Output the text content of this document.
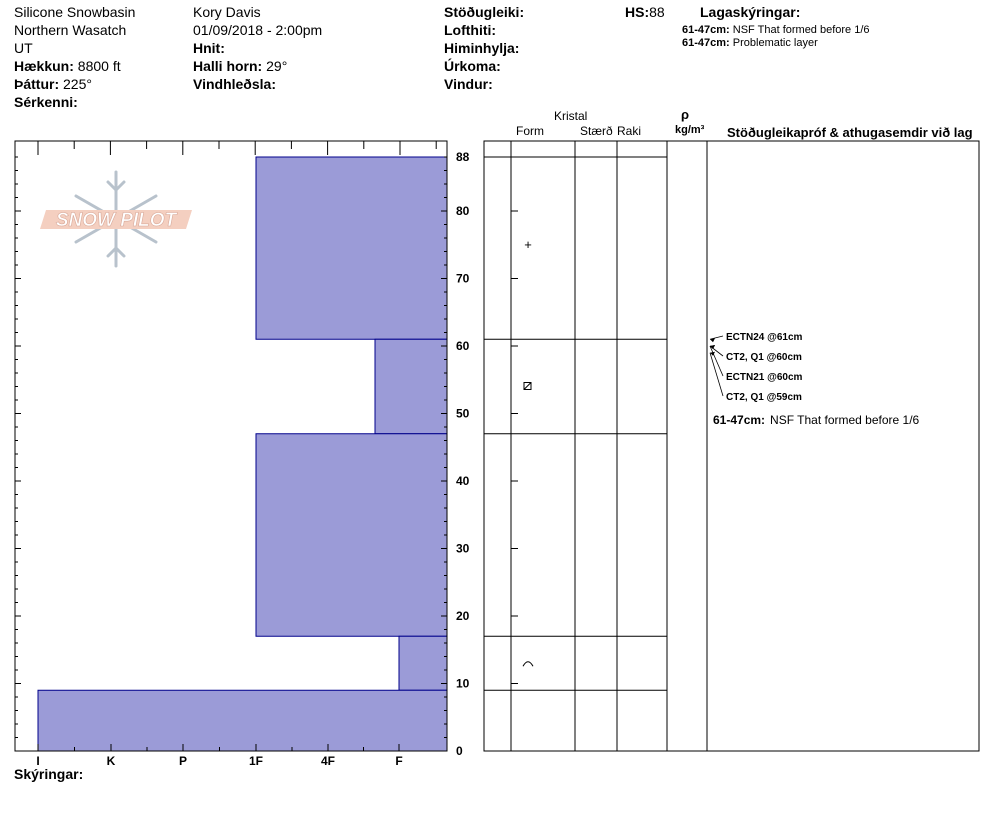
Silicone Snowbasin
Northern Wasatch
UT
Hækkun: 8800 ft
Þáttur: 225°
Sérkenni:
Kory Davis
01/09/2018 - 2:00pm
Hnit:
Halli horn: 29°
Vindhleðsla:
Stöðugleiki:
Lofthiti:
Himinhylja:
Úrkoma:
Vindur:
HS:88	Lagaskýringar:
61-47cm: NSF That formed before 1/6
61-47cm: Problematic layer
Kristal
Form	Stærð Raki
ρ
kg/m³ Stöðugleikapróf & athugasemdir við lag
Skýringar:
SNOW PILOT
I	K	P	1F	4F	F
0
10
20
30
40
50
60
70
80
88
+
ECTN24 @61cm
CT2, Q1 @60cm
ECTN21 @60cm
CT2, Q1 @59cm
61-47cm: NSF That formed before 1/6
